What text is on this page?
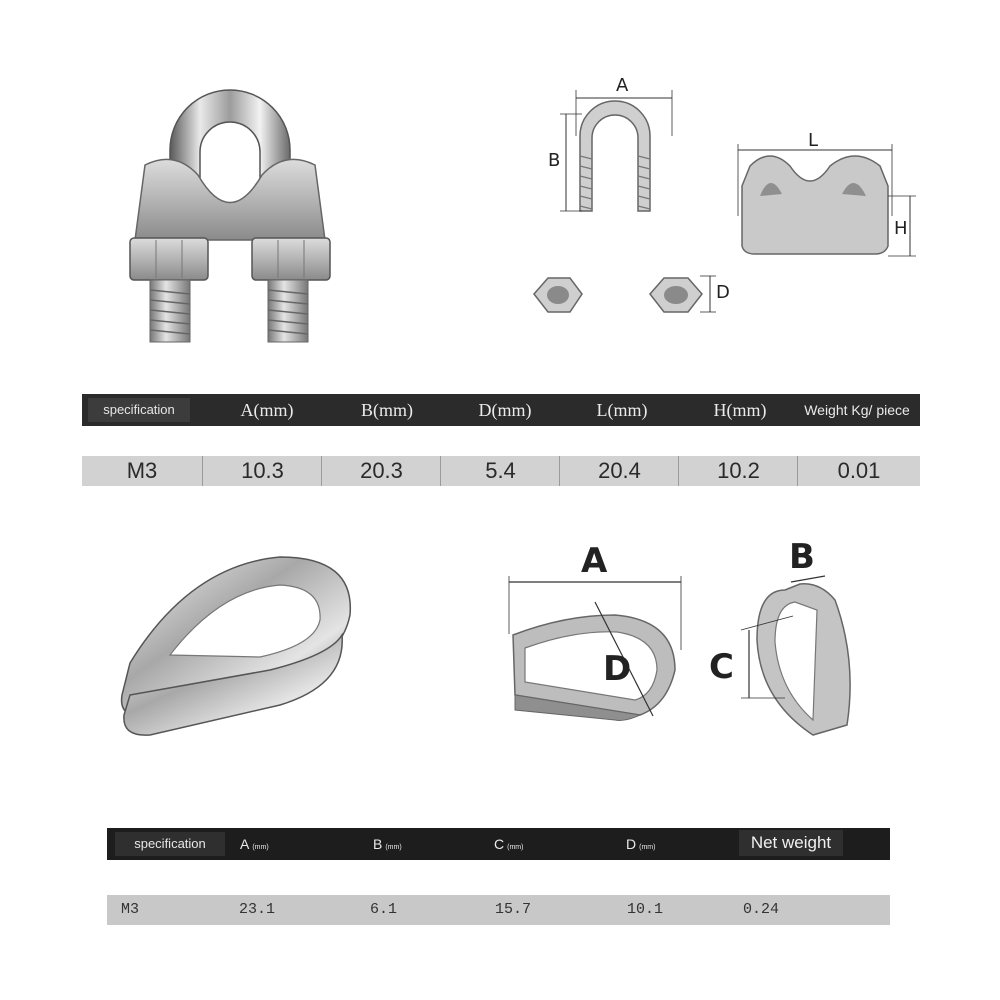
A
B
L
H
D
specification	A(mm)	B(mm)	D(mm)	L(mm)	H(mm)	Weight Kg/ piece
M3	10.3	20.3	5.4	20.4	10.2	0.01
A
D
B
C
specification	A (mm)	B (mm)	C (mm)	D (mm)	Net weight
M3	23.1	6.1	15.7	10.1	0.24
